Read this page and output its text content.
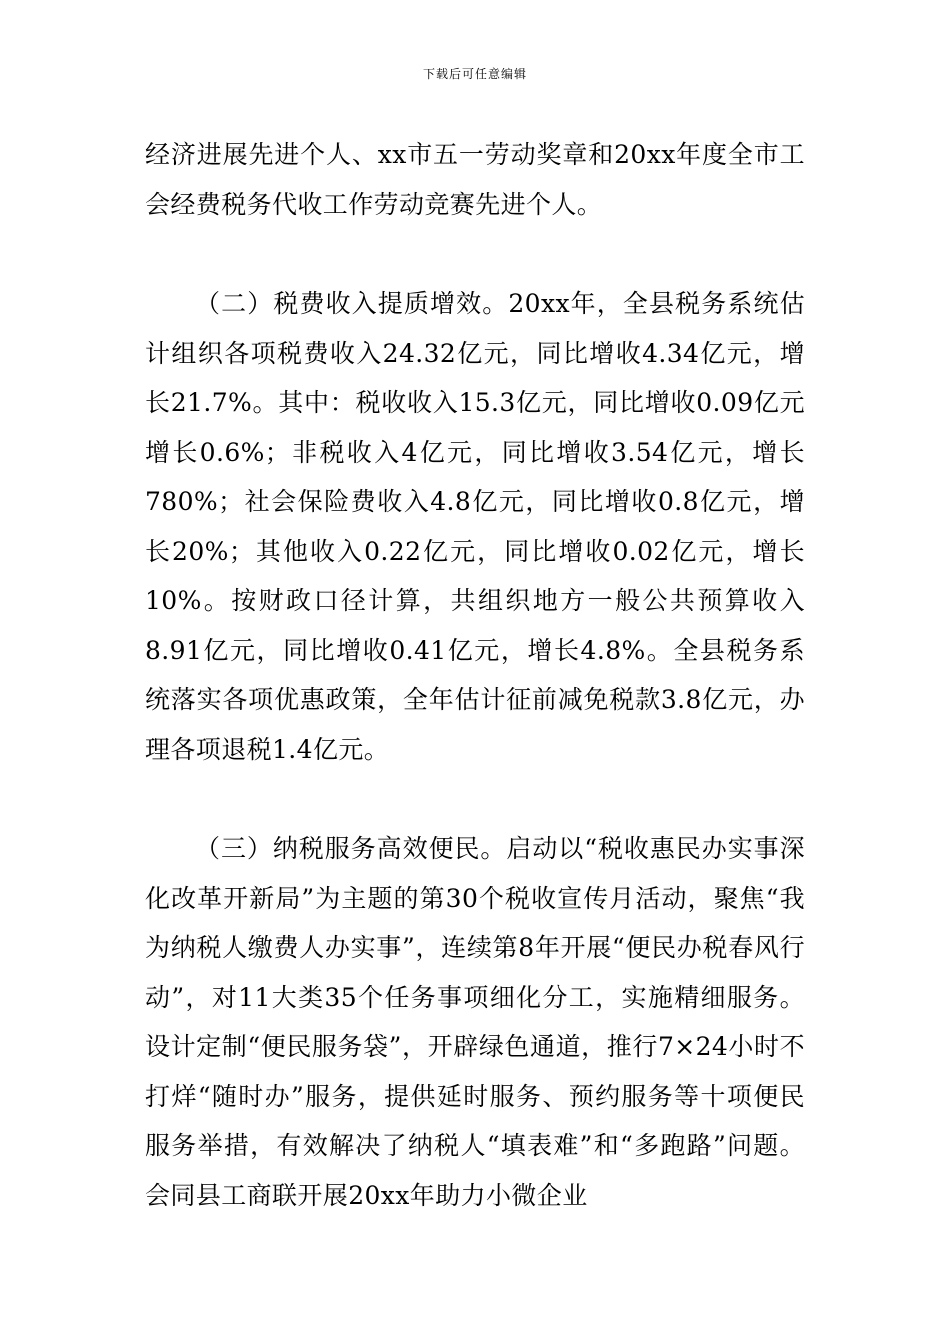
下载后可任意编辑

经济进展先进个人、xx市五一劳动奖章和20xx年度全市工会经费税务代收工作劳动竞赛先进个人。

（二）税费收入提质增效。20xx年，全县税务系统估计组织各项税费收入24.32亿元，同比增收4.34亿元，增长21.7%。其中：税收收入15.3亿元，同比增收0.09亿元增长0.6%；非税收入4亿元，同比增收3.54亿元，增长780%；社会保险费收入4.8亿元，同比增收0.8亿元，增长20%；其他收入0.22亿元，同比增收0.02亿元，增长10%。按财政口径计算，共组织地方一般公共预算收入8.91亿元，同比增收0.41亿元，增长4.8%。全县税务系统落实各项优惠政策，全年估计征前减免税款3.8亿元，办理各项退税1.4亿元。

（三）纳税服务高效便民。启动以“税收惠民办实事深化改革开新局”为主题的第30个税收宣传月活动，聚焦“我为纳税人缴费人办实事”，连续第8年开展“便民办税春风行动”，对11大类35个任务事项细化分工，实施精细服务。设计定制“便民服务袋”，开辟绿色通道，推行7×24小时不打烊“随时办”服务，提供延时服务、预约服务等十项便民服务举措，有效解决了纳税人“填表难”和“多跑路”问题。会同县工商联开展20xx年助力小微企业
